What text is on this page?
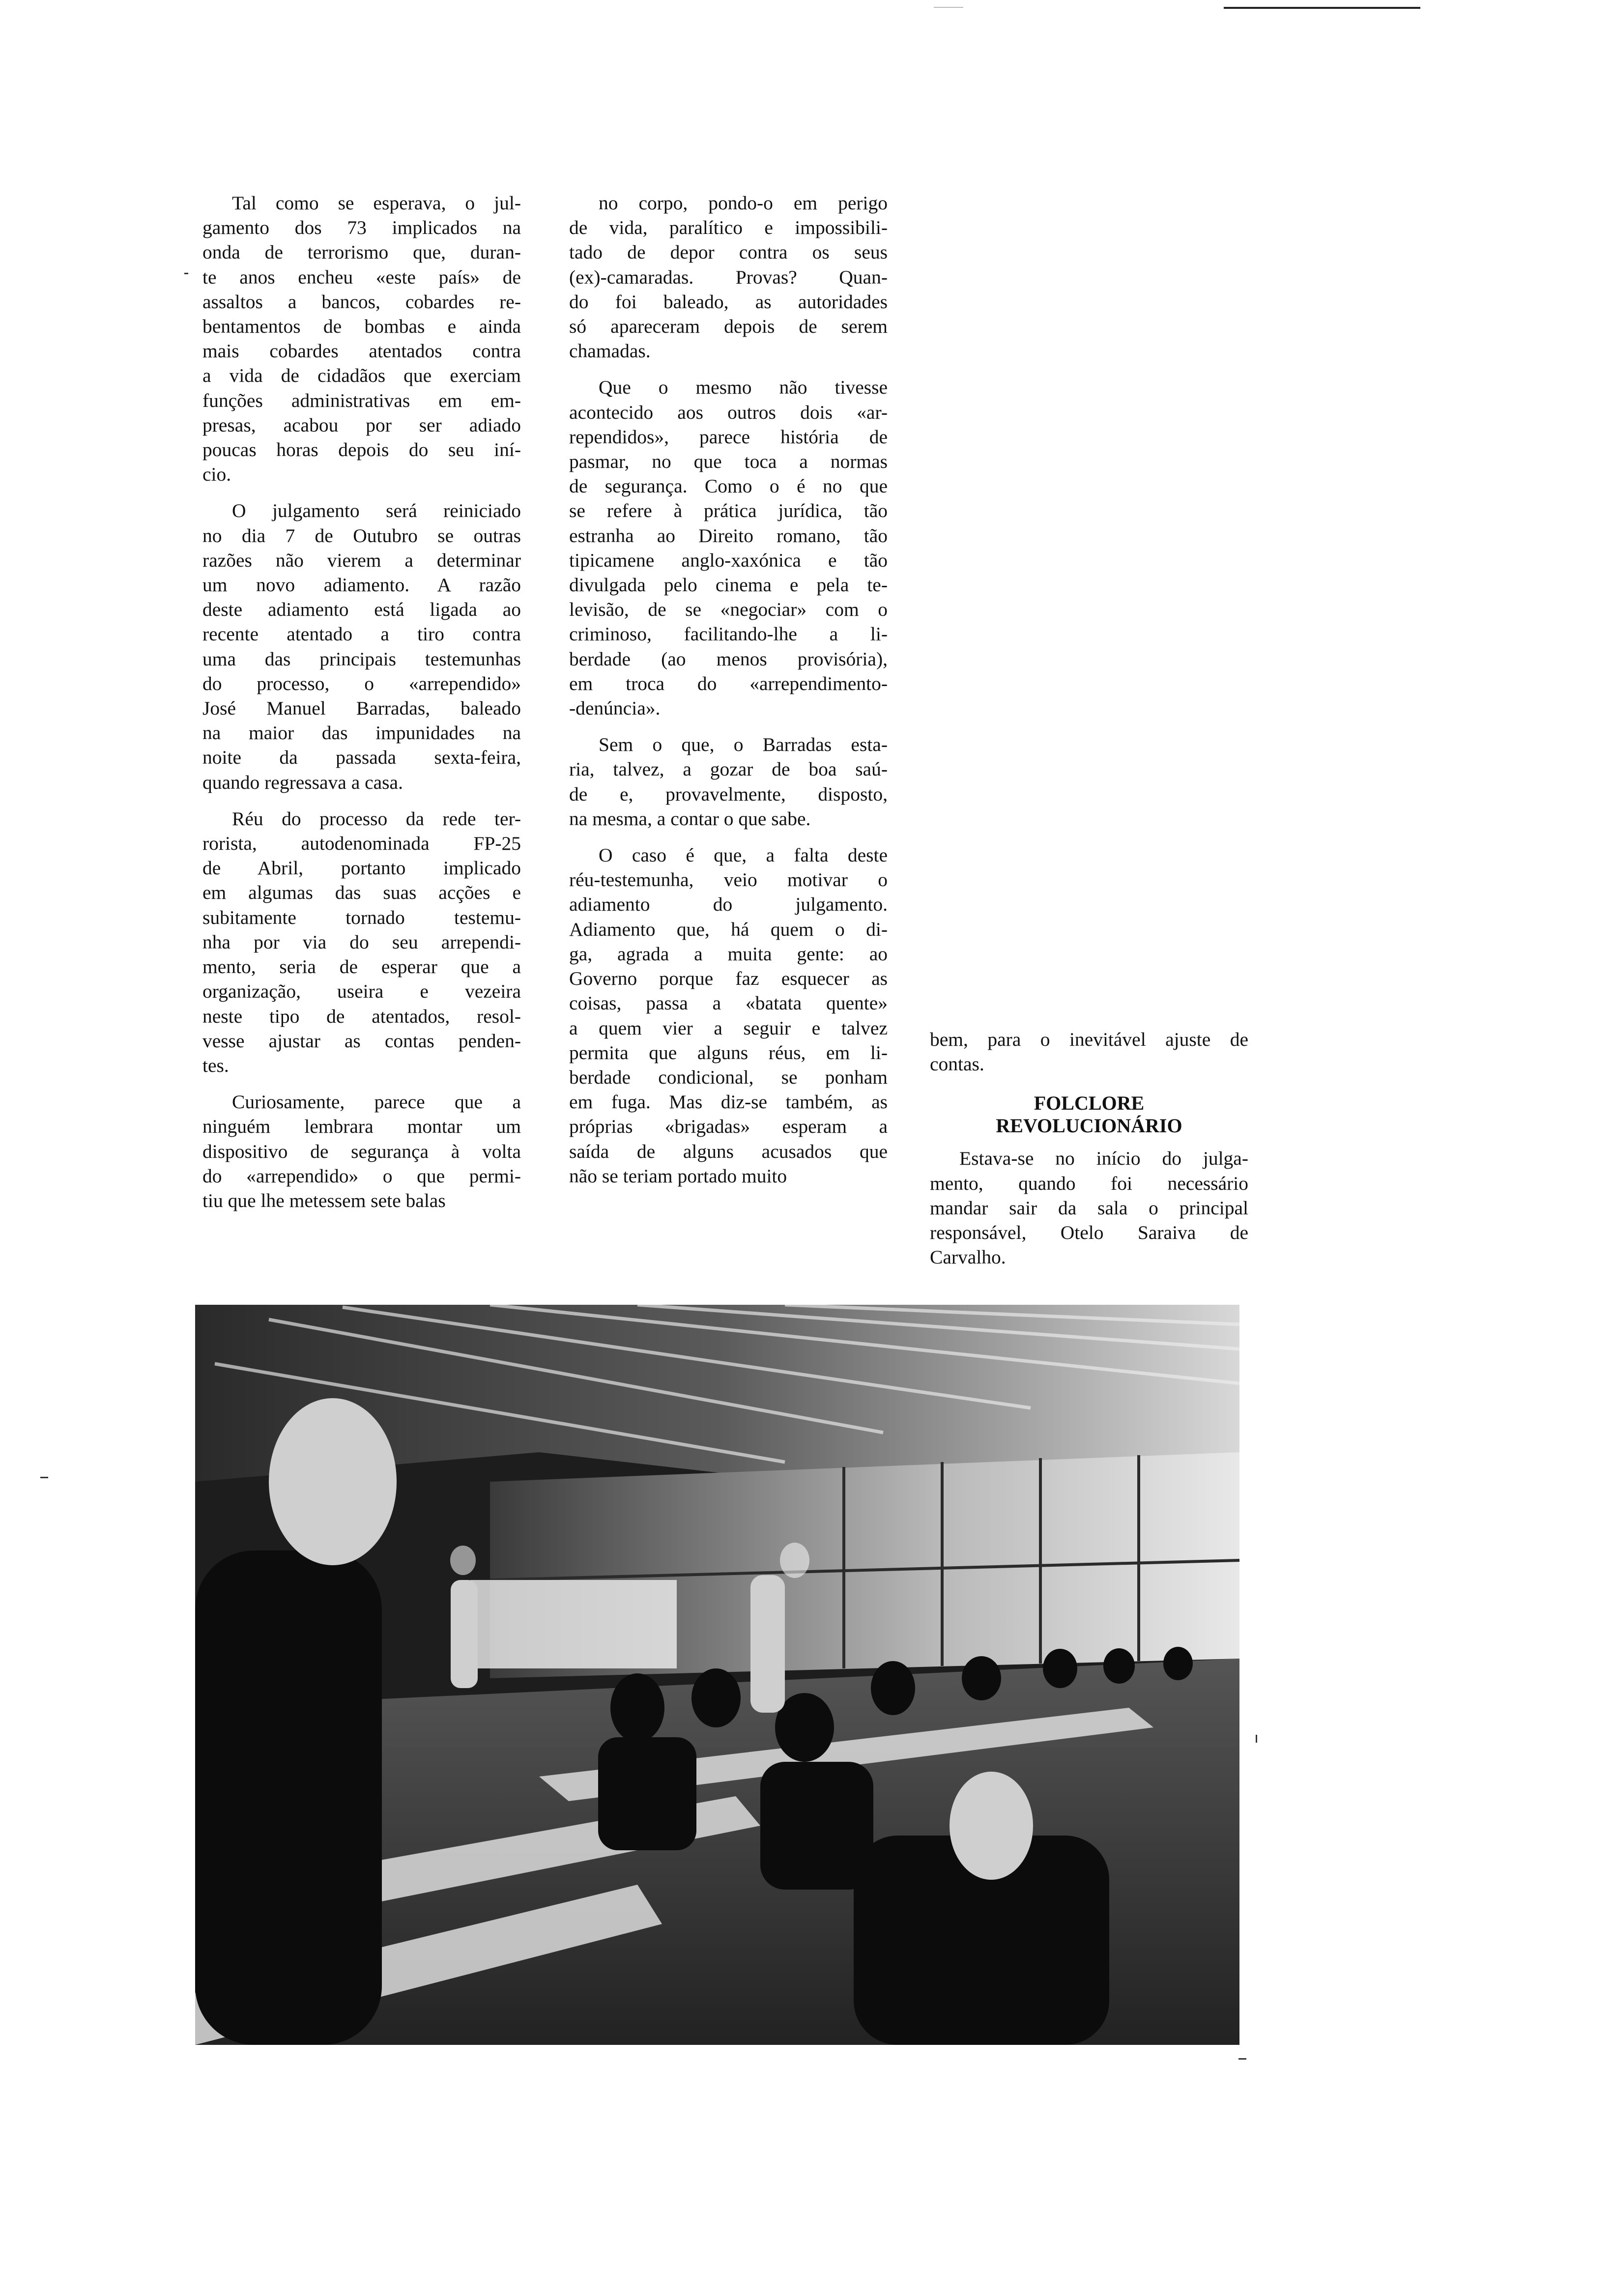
Tal como se esperava, o jul-
gamento dos 73 implicados na
onda de terrorismo que, duran-
te anos encheu «este país» de
assaltos a bancos, cobardes re-
bentamentos de bombas e ainda
mais cobardes atentados contra
a vida de cidadãos que exerciam
funções administrativas em em-
presas, acabou por ser adiado
poucas horas depois do seu iní-
cio.

O julgamento será reiniciado
no dia 7 de Outubro se outras
razões não vierem a determinar
um novo adiamento. A razão
deste adiamento está ligada ao
recente atentado a tiro contra
uma das principais testemunhas
do processo, o «arrependido»
José Manuel Barradas, baleado
na maior das impunidades na
noite da passada sexta-feira,
quando regressava a casa.

Réu do processo da rede ter-
rorista, autodenominada FP-25
de Abril, portanto implicado
em algumas das suas acções e
subitamente tornado testemu-
nha por via do seu arrependi-
mento, seria de esperar que a
organização, useira e vezeira
neste tipo de atentados, resol-
vesse ajustar as contas penden-
tes.

Curiosamente, parece que a
ninguém lembrara montar um
dispositivo de segurança à volta
do «arrependido» o que permi-
tiu que lhe metessem sete balas

no corpo, pondo-o em perigo
de vida, paralítico e impossibili-
tado de depor contra os seus
(ex)-camaradas. Provas? Quan-
do foi baleado, as autoridades
só apareceram depois de serem
chamadas.

Que o mesmo não tivesse
acontecido aos outros dois «ar-
rependidos», parece história de
pasmar, no que toca a normas
de segurança. Como o é no que
se refere à prática jurídica, tão
estranha ao Direito romano, tão
tipicamene anglo-xaxónica e tão
divulgada pelo cinema e pela te-
levisão, de se «negociar» com o
criminoso, facilitando-lhe a li-
berdade (ao menos provisória),
em troca do «arrependimento-
-denúncia».

Sem o que, o Barradas esta-
ria, talvez, a gozar de boa saú-
de e, provavelmente, disposto,
na mesma, a contar o que sabe.

O caso é que, a falta deste
réu-testemunha, veio motivar o
adiamento do julgamento.
Adiamento que, há quem o di-
ga, agrada a muita gente: ao
Governo porque faz esquecer as
coisas, passa a «batata quente»
a quem vier a seguir e talvez
permita que alguns réus, em li-
berdade condicional, se ponham
em fuga. Mas diz-se também, as
próprias «brigadas» esperam a
saída de alguns acusados que
não se teriam portado muito

bem, para o inevitável ajuste de
contas.

FOLCLORE
REVOLUCIONÁRIO

Estava-se no início do julga-
mento, quando foi necessário
mandar sair da sala o principal
responsável, Otelo Saraiva de
Carvalho.
